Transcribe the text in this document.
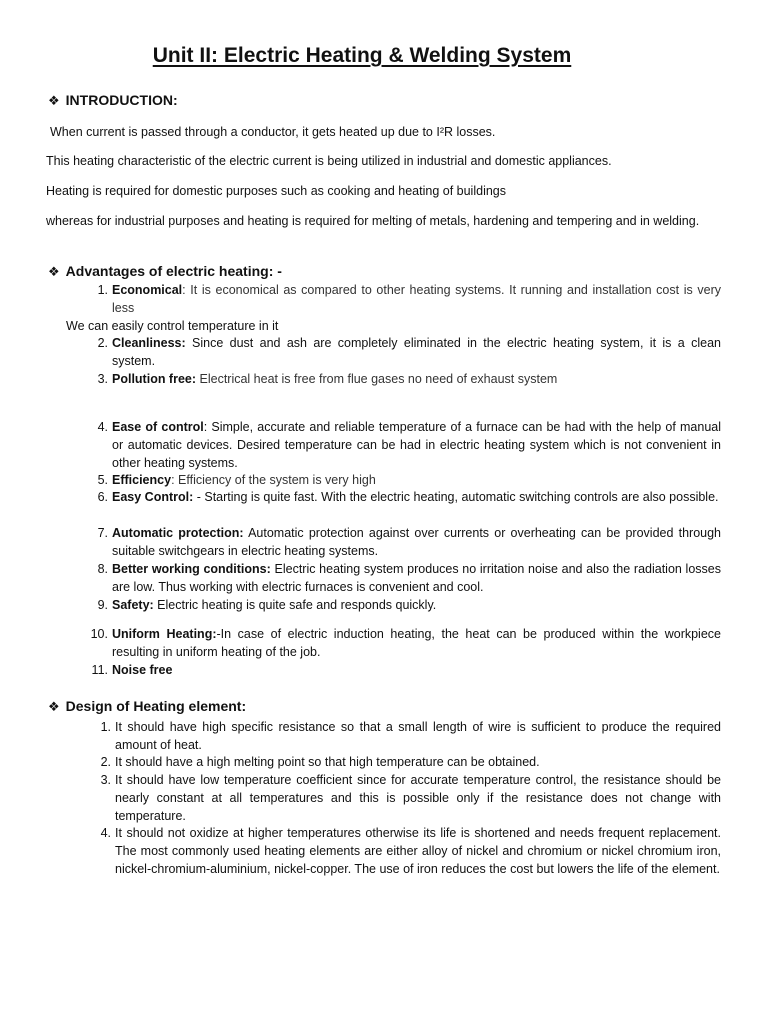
Unit II: Electric Heating & Welding System
❖ INTRODUCTION:
When current is passed through a conductor, it gets heated up due to I²R losses.
This heating characteristic of the electric current is being utilized in industrial and domestic appliances.
Heating is required for domestic purposes such as cooking and heating of buildings
whereas for industrial purposes and heating is required for melting of metals, hardening and tempering and in welding.
❖ Advantages of electric heating: -
1. Economical: It is economical as compared to other heating systems. It running and installation cost is very less
We can easily control temperature in it
2. Cleanliness: Since dust and ash are completely eliminated in the electric heating system, it is a clean system.
3. Pollution free: Electrical heat is free from flue gases no need of exhaust system
4. Ease of control: Simple, accurate and reliable temperature of a furnace can be had with the help of manual or automatic devices. Desired temperature can be had in electric heating system which is not convenient in other heating systems.
5. Efficiency: Efficiency of the system is very high
6. Easy Control: - Starting is quite fast. With the electric heating, automatic switching controls are also possible.
7. Automatic protection: Automatic protection against over currents or overheating can be provided through suitable switchgears in electric heating systems.
8. Better working conditions: Electric heating system produces no irritation noise and also the radiation losses are low. Thus working with electric furnaces is convenient and cool.
9. Safety: Electric heating is quite safe and responds quickly.
10. Uniform Heating:-In case of electric induction heating, the heat can be produced within the workpiece resulting in uniform heating of the job.
11. Noise free
❖ Design of Heating element:
1. It should have high specific resistance so that a small length of wire is sufficient to produce the required amount of heat.
2. It should have a high melting point so that high temperature can be obtained.
3. It should have low temperature coefficient since for accurate temperature control, the resistance should be nearly constant at all temperatures and this is possible only if the resistance does not change with temperature.
4. It should not oxidize at higher temperatures otherwise its life is shortened and needs frequent replacement. The most commonly used heating elements are either alloy of nickel and chromium or nickel chromium iron, nickel-chromium-aluminium, nickel-copper. The use of iron reduces the cost but lowers the life of the element.
